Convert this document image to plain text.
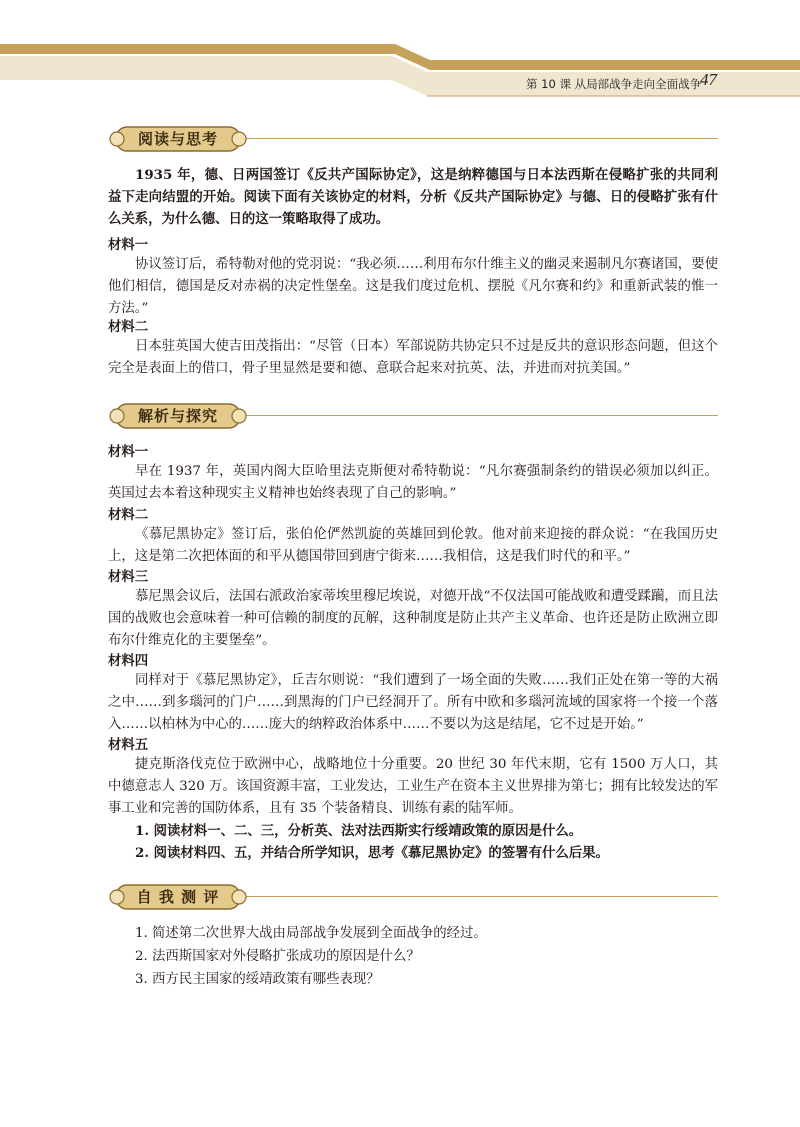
第 10 课 从局部战争走向全面战争
47
阅读与思考
1935 年，德、日两国签订《反共产国际协定》，这是纳粹德国与日本法西斯在侵略扩张的共同利益下走向结盟的开始。阅读下面有关该协定的材料，分析《反共产国际协定》与德、日的侵略扩张有什么关系，为什么德、日的这一策略取得了成功。
材料一
协议签订后，希特勒对他的党羽说：“我必须……利用布尔什维主义的幽灵来遏制凡尔赛诸国，要使他们相信，德国是反对赤祸的决定性堡垒。这是我们度过危机、摆脱《凡尔赛和约》和重新武装的惟一方法。”
材料二
日本驻英国大使吉田茂指出：“尽管（日本）军部说防共协定只不过是反共的意识形态问题，但这个完全是表面上的借口，骨子里显然是要和德、意联合起来对抗英、法，并进而对抗美国。”
解析与探究
材料一
早在 1937 年，英国内阁大臣哈里法克斯便对希特勒说：“凡尔赛强制条约的错误必须加以纠正。英国过去本着这种现实主义精神也始终表现了自己的影响。”
材料二
《慕尼黑协定》签订后，张伯伦俨然凯旋的英雄回到伦敦。他对前来迎接的群众说：“在我国历史上，这是第二次把体面的和平从德国带回到唐宁街来……我相信，这是我们时代的和平。”
材料三
慕尼黑会议后，法国右派政治家蒂埃里穆尼埃说，对德开战“不仅法国可能战败和遭受蹂躏，而且法国的战败也会意味着一种可信赖的制度的瓦解，这种制度是防止共产主义革命、也许还是防止欧洲立即布尔什维克化的主要堡垒”。
材料四
同样对于《慕尼黑协定》，丘吉尔则说：“我们遭到了一场全面的失败……我们正处在第一等的大祸之中……到多瑙河的门户……到黑海的门户已经洞开了。所有中欧和多瑙河流域的国家将一个接一个落入……以柏林为中心的……庞大的纳粹政治体系中……不要以为这是结尾，它不过是开始。”
材料五
捷克斯洛伐克位于欧洲中心，战略地位十分重要。20 世纪 30 年代末期，它有 1500 万人口，其中德意志人 320 万。该国资源丰富，工业发达，工业生产在资本主义世界排为第七；拥有比较发达的军事工业和完善的国防体系，且有 35 个装备精良、训练有素的陆军师。
1. 阅读材料一、二、三，分析英、法对法西斯实行绥靖政策的原因是什么。
2. 阅读材料四、五，并结合所学知识，思考《慕尼黑协定》的签署有什么后果。
自 我 测 评
1. 简述第二次世界大战由局部战争发展到全面战争的经过。
2. 法西斯国家对外侵略扩张成功的原因是什么？
3. 西方民主国家的绥靖政策有哪些表现？
